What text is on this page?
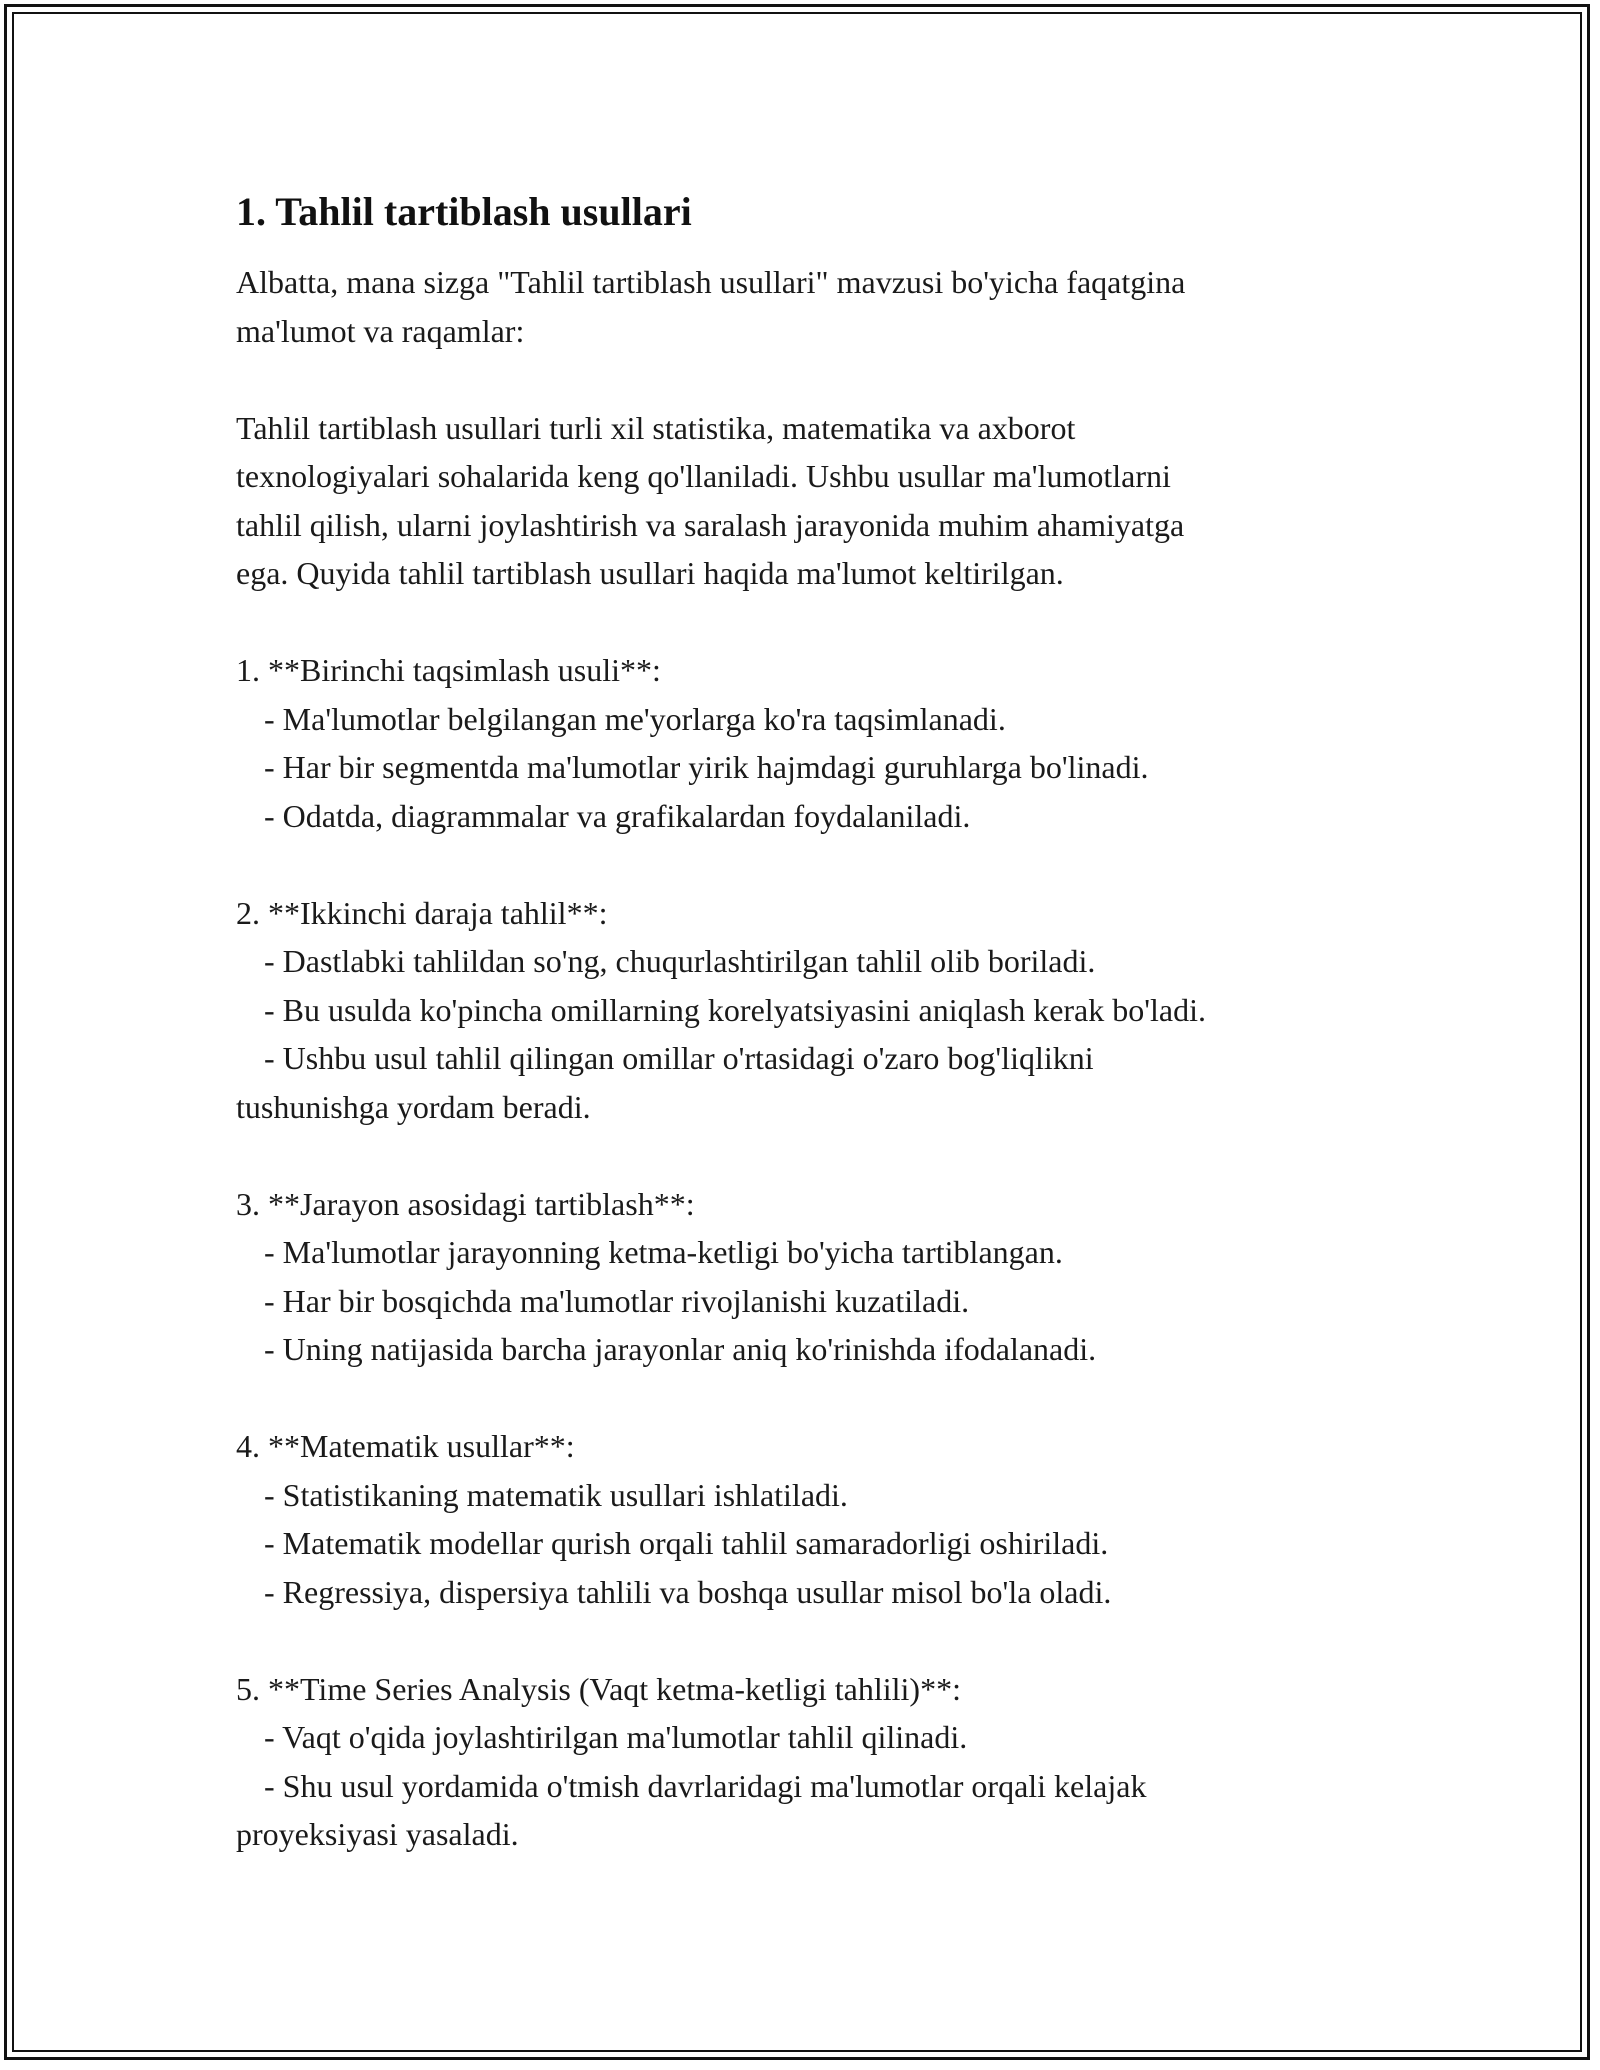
1. Tahlil tartiblash usullari

Albatta, mana sizga "Tahlil tartiblash usullari" mavzusi bo'yicha faqatgina

ma'lumot va raqamlar:

Tahlil tartiblash usullari turli xil statistika, matematika va axborot

texnologiyalari sohalarida keng qo'llaniladi. Ushbu usullar ma'lumotlarni

tahlil qilish, ularni joylashtirish va saralash jarayonida muhim ahamiyatga

ega. Quyida tahlil tartiblash usullari haqida ma'lumot keltirilgan.

1. **Birinchi taqsimlash usuli**:

- Ma'lumotlar belgilangan me'yorlarga ko'ra taqsimlanadi.

- Har bir segmentda ma'lumotlar yirik hajmdagi guruhlarga bo'linadi.

- Odatda, diagrammalar va grafikalardan foydalaniladi.

2. **Ikkinchi daraja tahlil**:

- Dastlabki tahlildan so'ng, chuqurlashtirilgan tahlil olib boriladi.

- Bu usulda ko'pincha omillarning korelyatsiyasini aniqlash kerak bo'ladi.

- Ushbu usul tahlil qilingan omillar o'rtasidagi o'zaro bog'liqlikni

tushunishga yordam beradi.

3. **Jarayon asosidagi tartiblash**:

- Ma'lumotlar jarayonning ketma-ketligi bo'yicha tartiblangan.

- Har bir bosqichda ma'lumotlar rivojlanishi kuzatiladi.

- Uning natijasida barcha jarayonlar aniq ko'rinishda ifodalanadi.

4. **Matematik usullar**:

- Statistikaning matematik usullari ishlatiladi.

- Matematik modellar qurish orqali tahlil samaradorligi oshiriladi.

- Regressiya, dispersiya tahlili va boshqa usullar misol bo'la oladi.

5. **Time Series Analysis (Vaqt ketma-ketligi tahlili)**:

- Vaqt o'qida joylashtirilgan ma'lumotlar tahlil qilinadi.

- Shu usul yordamida o'tmish davrlaridagi ma'lumotlar orqali kelajak

proyeksiyasi yasaladi.
